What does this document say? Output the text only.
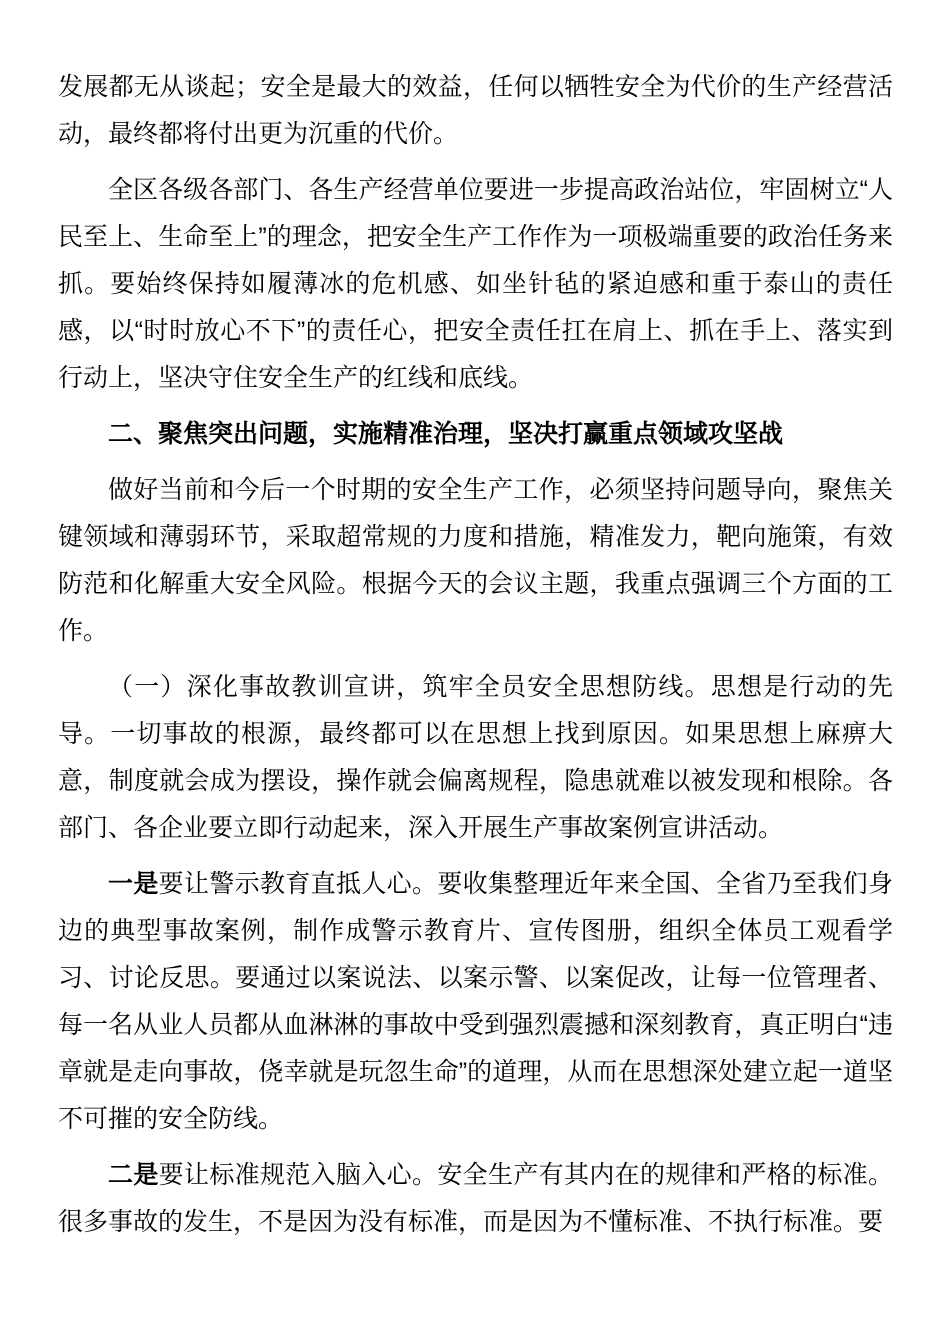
发展都无从谈起；安全是最大的效益，任何以牺牲安全为代价的生产经营活动，最终都将付出更为沉重的代价。

全区各级各部门、各生产经营单位要进一步提高政治站位，牢固树立“人民至上、生命至上”的理念，把安全生产工作作为一项极端重要的政治任务来抓。要始终保持如履薄冰的危机感、如坐针毡的紧迫感和重于泰山的责任感，以“时时放心不下”的责任心，把安全责任扛在肩上、抓在手上、落实到行动上，坚决守住安全生产的红线和底线。

二、聚焦突出问题，实施精准治理，坚决打赢重点领域攻坚战

做好当前和今后一个时期的安全生产工作，必须坚持问题导向，聚焦关键领域和薄弱环节，采取超常规的力度和措施，精准发力，靶向施策，有效防范和化解重大安全风险。根据今天的会议主题，我重点强调三个方面的工作。

（一）深化事故教训宣讲，筑牢全员安全思想防线。思想是行动的先导。一切事故的根源，最终都可以在思想上找到原因。如果思想上麻痹大意，制度就会成为摆设，操作就会偏离规程，隐患就难以被发现和根除。各部门、各企业要立即行动起来，深入开展生产事故案例宣讲活动。

一是要让警示教育直抵人心。要收集整理近年来全国、全省乃至我们身边的典型事故案例，制作成警示教育片、宣传图册，组织全体员工观看学习、讨论反思。要通过以案说法、以案示警、以案促改，让每一位管理者、每一名从业人员都从血淋淋的事故中受到强烈震撼和深刻教育，真正明白“违章就是走向事故，侥幸就是玩忽生命”的道理，从而在思想深处建立起一道坚不可摧的安全防线。

二是要让标准规范入脑入心。安全生产有其内在的规律和严格的标准。很多事故的发生，不是因为没有标准，而是因为不懂标准、不执行标准。要
